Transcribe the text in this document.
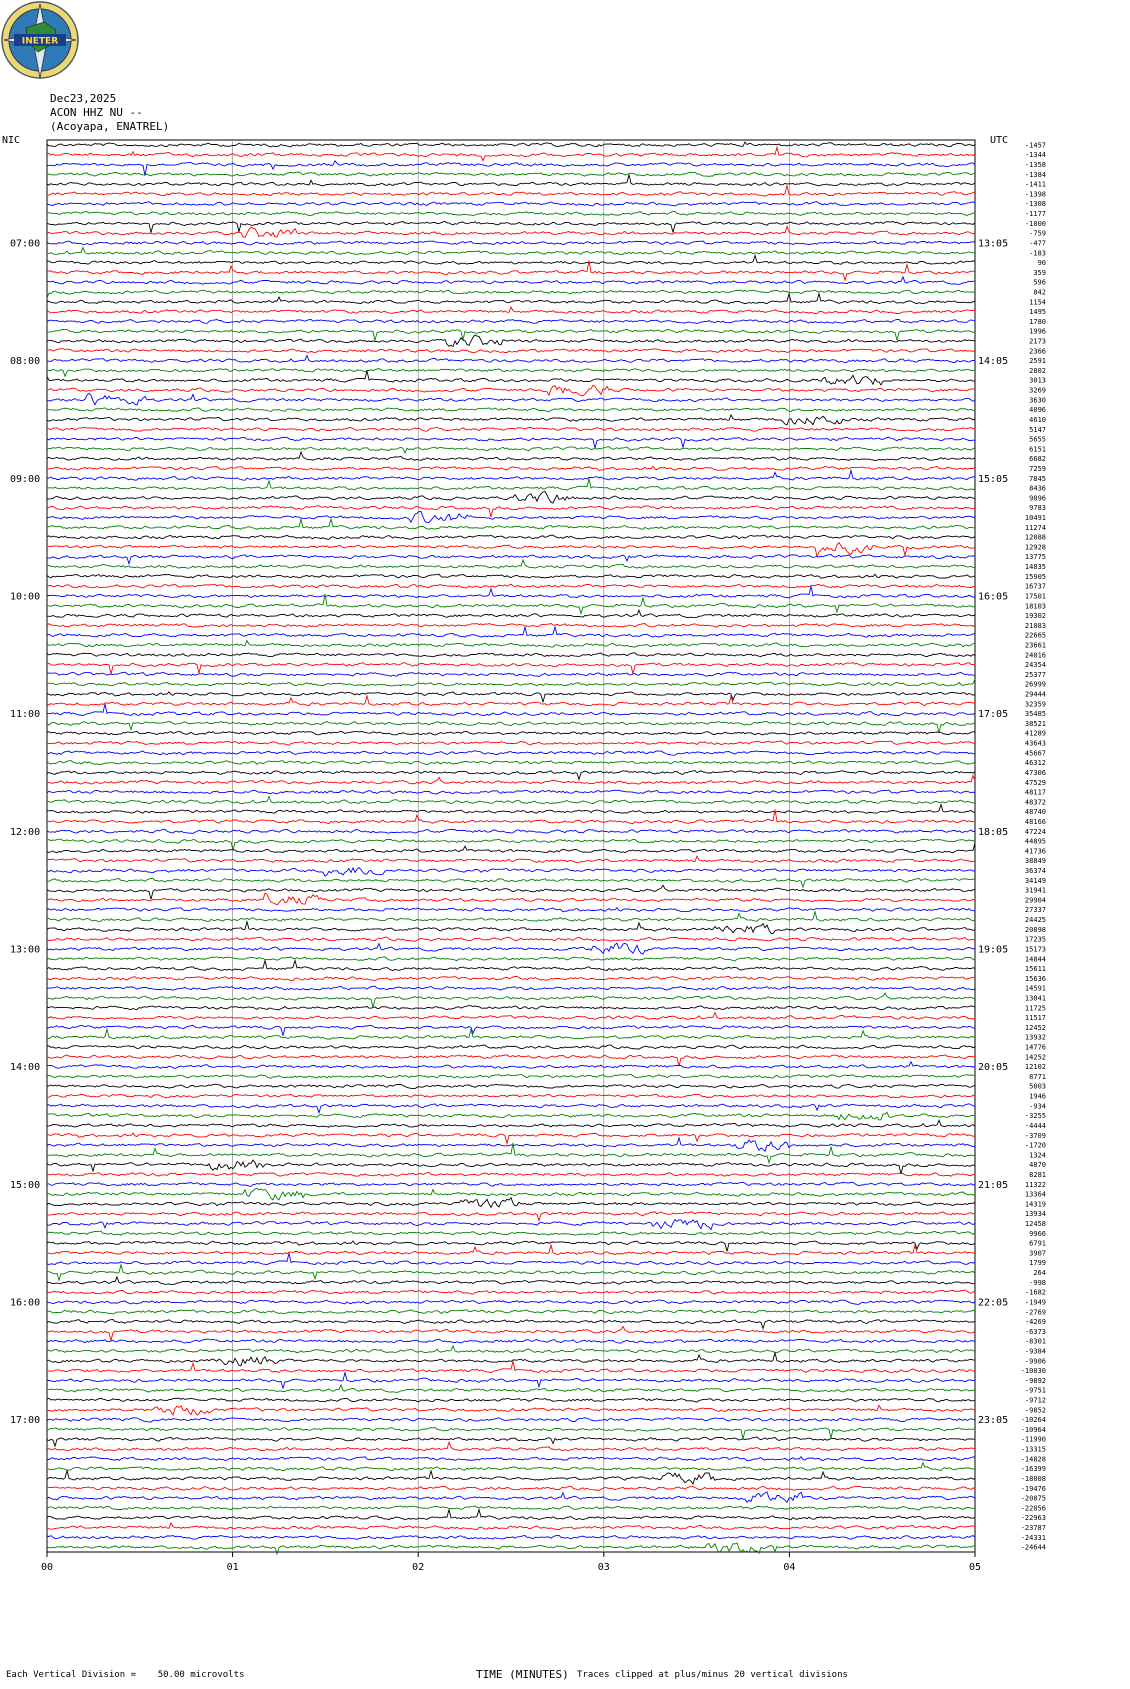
INETER
Dec23,2025
ACON HHZ NU --
(Acoyapa, ENATREL)
NIC	UTC
07:00
08:00
09:00
10:00
11:00
12:00
13:00
14:00
15:00
16:00
17:00
13:05
14:05
15:05
16:05
17:05
18:05
19:05
20:05
21:05
22:05
23:05
-1457
-1344
-1358
-1384
-1411
-1398
-1308
-1177
-1000
-759
-477
-183
90
359
596
842
1154
1495
1780
1996
2173
2366
2591
2802
3013
3269
3630
4096
4610
5147
5655
6151
6682
7259
7845
8436
9096
9783
10491
11274
12088
12928
13775
14835
15905
16737
17501
18103
19302
21083
22665
23661
24016
24354
25377
26999
29444
32359
35485
38521
41289
43643
45667
46312
47306
47529
48117
48372
48740
48166
47224
44895
41736
38849
36374
34149
31941
29904
27337
24425
20898
17235
15173
14844
15611
15636
14591
13041
11725
11517
12452
13932
14776
14252
12102
8771
5003
1946
-934
-3255
-4444
-3709
-1720
1324
4870
8281
11322
13364
14319
13934
12458
9966
6791
3907
1799
264
-998
-1682
-1949
-2769
-4269
-6373
-8301
-9384
-9906
-10030
-9892
-9751
-9712
-9852
-10264
-10964
-11990
-13315
-14828
-16399
-18008
-19476
-20875
-22056
-22963
-23787
-24331
-24644
00	01	02	03	04	05
Each Vertical Division =    50.00 microvolts	TIME (MINUTES) Traces clipped at plus/minus 20 vertical divisions
